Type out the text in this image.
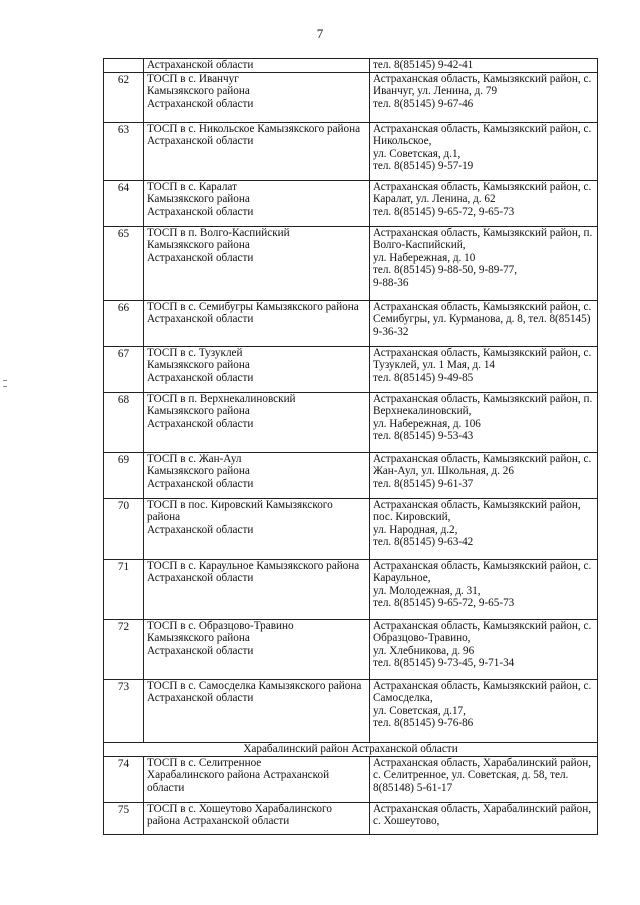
7
	Астраханской области	тел. 8(85145) 9-42-41
62	ТОСП в с. Иванчуг
Камызякского района
Астраханской области	Астраханская область, Камызякский район, с. Иванчуг, ул. Ленина, д. 79
тел. 8(85145) 9-67-46
63	ТОСП в с. Никольское Камызякского района
Астраханской области	Астраханская область, Камызякский район, с. Никольское,
ул. Советская, д.1,
тел. 8(85145) 9-57-19
64	ТОСП в с. Каралат
Камызякского района
Астраханской области	Астраханская область, Камызякский район, с. Каралат, ул. Ленина, д. 62
тел. 8(85145) 9-65-72, 9-65-73
65	ТОСП в п. Волго-Каспийский
Камызякского района
Астраханской области	Астраханская область, Камызякский район, п. Волго-Каспийский,
ул. Набережная, д. 10
тел. 8(85145) 9-88-50, 9-89-77,
9-88-36
66	ТОСП в с. Семибугры Камызякского района
Астраханской области	Астраханская область, Камызякский район, с. Семибугры, ул. Курманова, д. 8, тел. 8(85145) 9-36-32
67	ТОСП в с. Тузуклей
Камызякского района
Астраханской области	Астраханская область, Камызякский район, с. Тузуклей, ул. 1 Мая, д. 14
тел. 8(85145) 9-49-85
68	ТОСП в п. Верхнекалиновский
Камызякского района
Астраханской области	Астраханская область, Камызякский район, п. Верхнекалиновский,
ул. Набережная, д. 106
тел. 8(85145) 9-53-43
69	ТОСП в с. Жан-Аул
Камызякского района
Астраханской области	Астраханская область, Камызякский район, с. Жан-Аул, ул. Школьная, д. 26
тел. 8(85145) 9-61-37
70	ТОСП в пос. Кировский Камызякского района
Астраханской области	Астраханская область, Камызякский район, пос. Кировский,
ул. Народная, д.2,
тел. 8(85145) 9-63-42
71	ТОСП в с. Караульное Камызякского района
Астраханской области	Астраханская область, Камызякский район, с. Караульное,
ул. Молодежная, д. 31,
тел. 8(85145) 9-65-72, 9-65-73
72	ТОСП в с. Образцово-Травино
Камызякского района
Астраханской области	Астраханская область, Камызякский район, с. Образцово-Травино,
ул. Хлебникова, д. 96
тел. 8(85145) 9-73-45, 9-71-34
73	ТОСП в с. Самосделка Камызякского района
Астраханской области	Астраханская область, Камызякский район, с. Самосделка,
ул. Советская, д.17,
тел. 8(85145) 9-76-86
Харабалинский район Астраханской области		
74	ТОСП в с. Селитренное
Харабалинского района Астраханской области	Астраханская область, Харабалинский район, с. Селитренное, ул. Советская, д. 58, тел. 8(85148) 5-61-17
75	ТОСП в с. Хошеутово Харабалинского района Астраханской области	Астраханская область, Харабалинский район, с. Хошеутово,
